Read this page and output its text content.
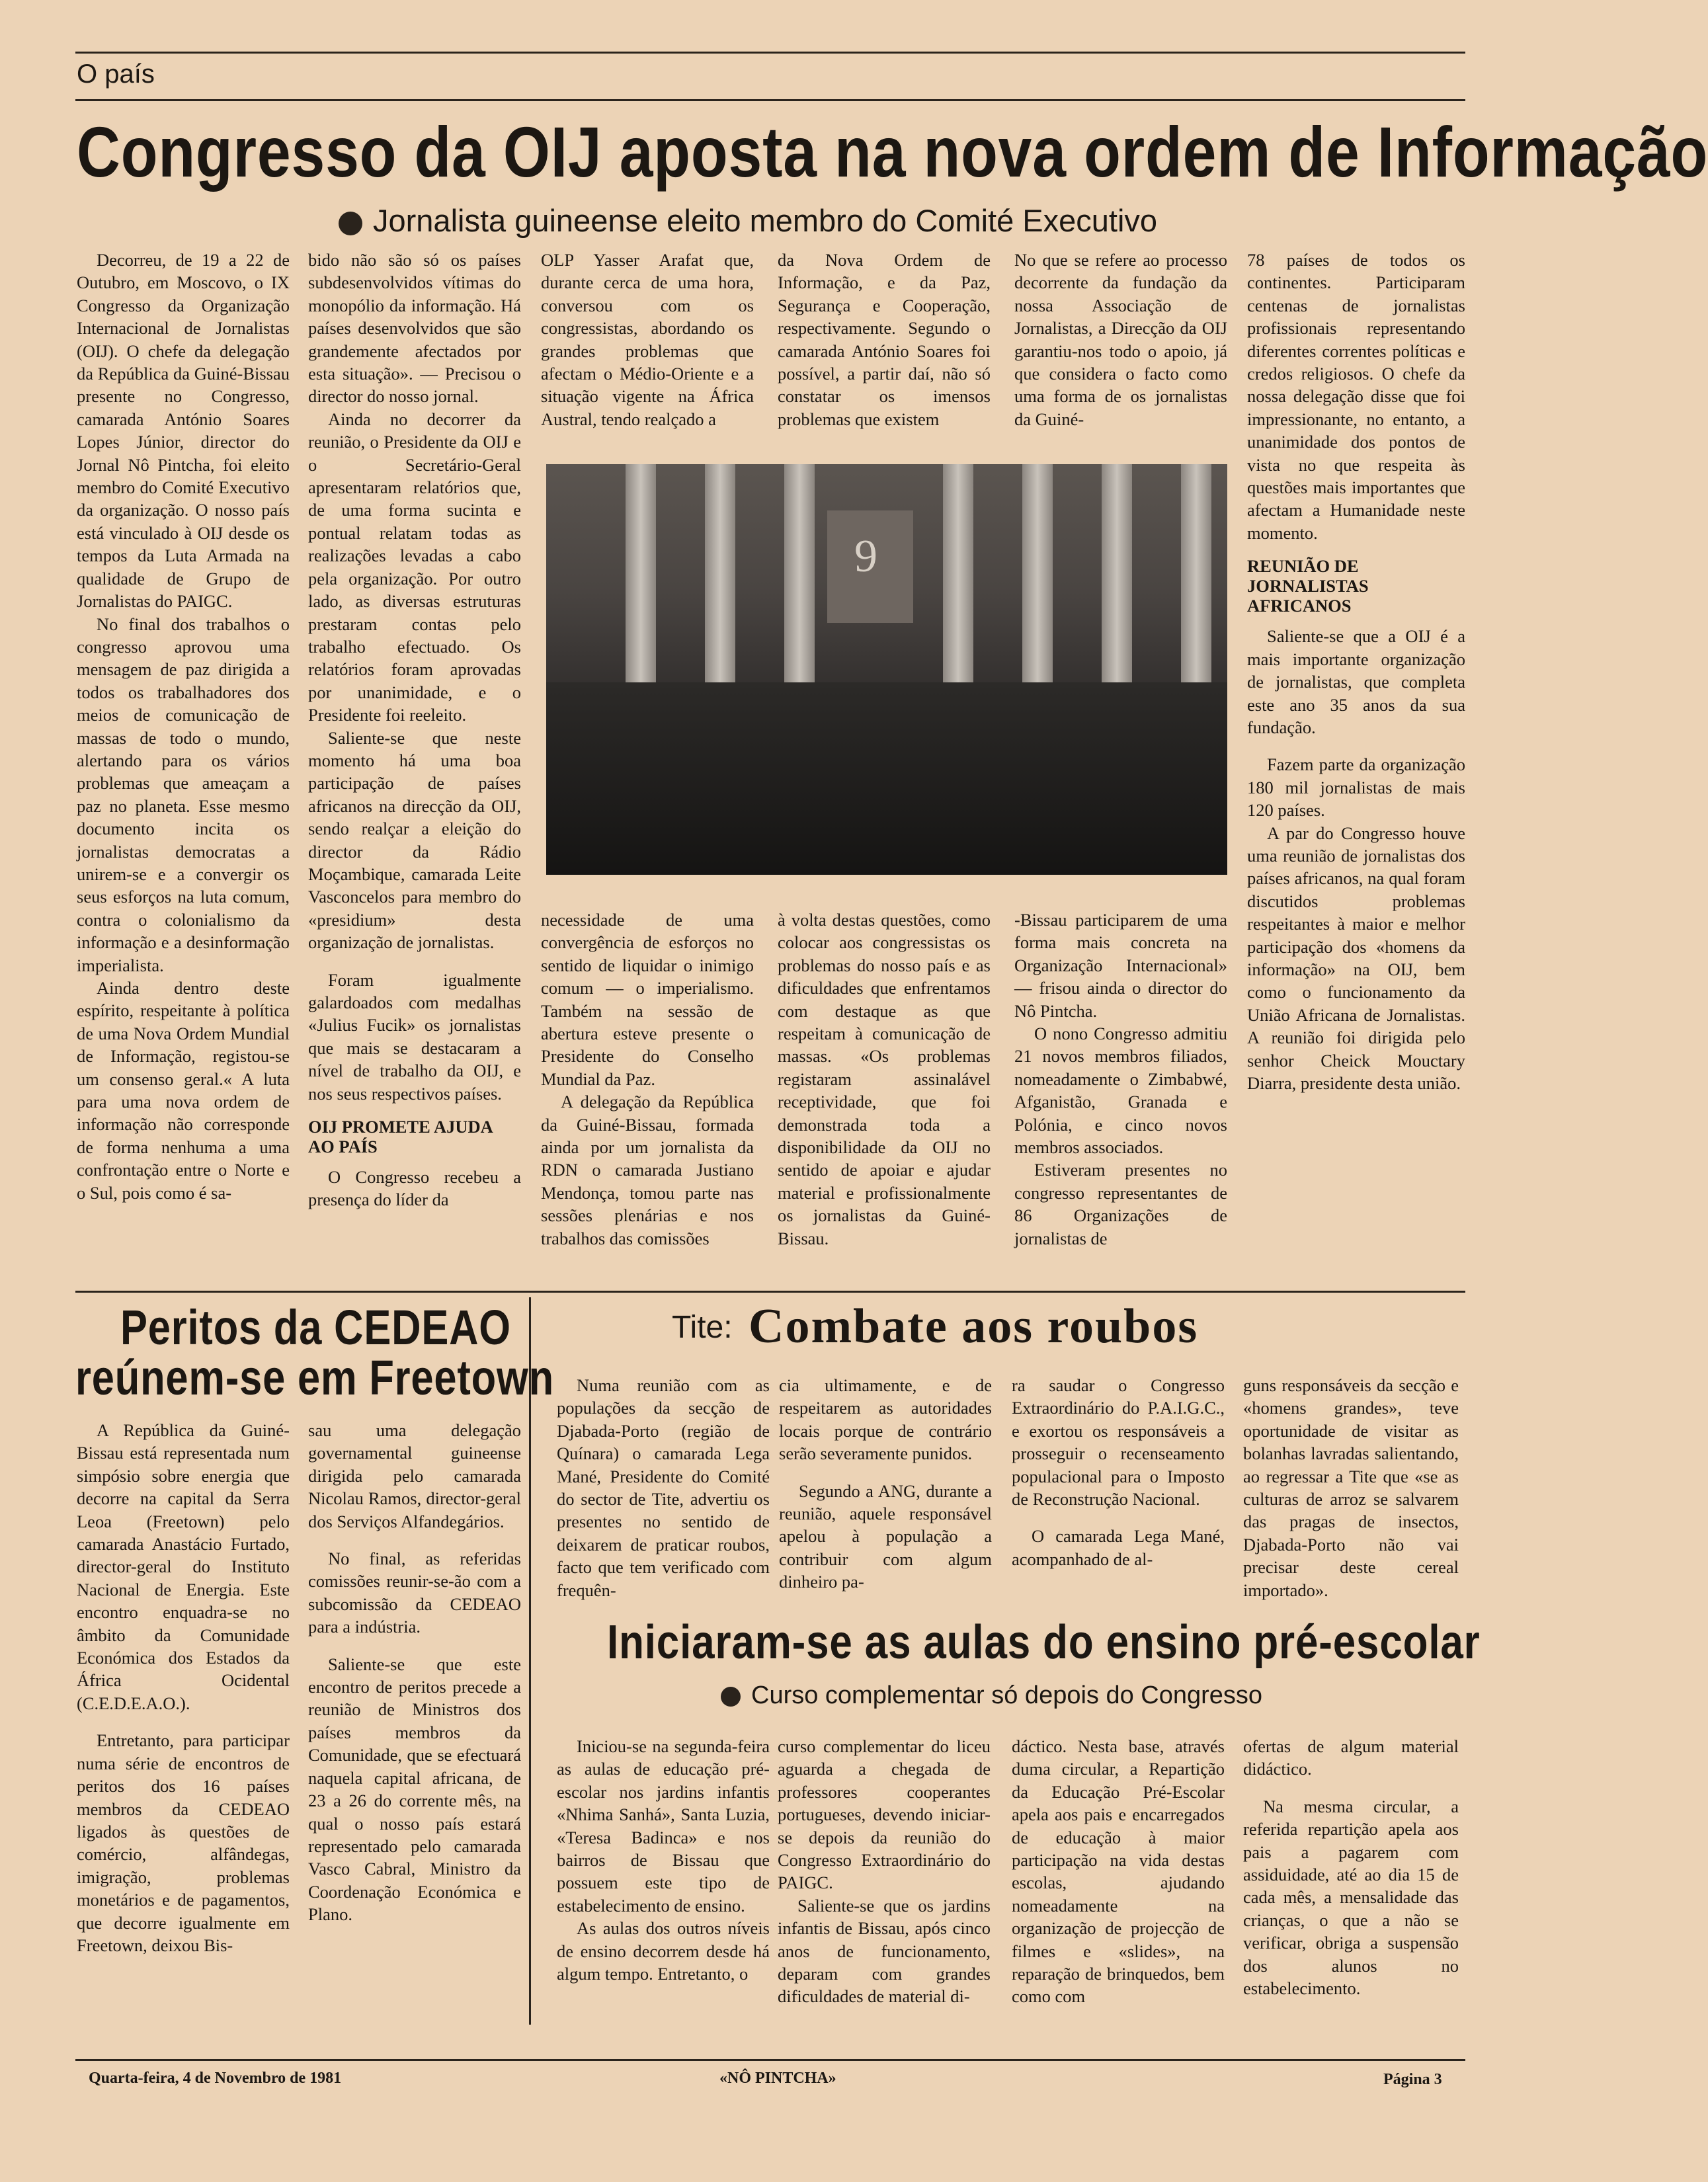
O país
Congresso da OIJ aposta na nova ordem de Informação
Jornalista guineense eleito membro do Comité Executivo

Decorreu, de 19 a 22 de Outubro, em Moscovo, o IX Congresso da Organização Internacional de Jornalistas (OIJ). O chefe da delegação da República da Guiné-Bissau presente no Congresso, camarada António Soares Lopes Júnior, director do Jornal Nô Pintcha, foi eleito membro do Comité Executivo da organização. O nosso país está vinculado à OIJ desde os tempos da Luta Armada na qualidade de Grupo de Jornalistas do PAIGC.

No final dos trabalhos o congresso aprovou uma mensagem de paz dirigida a todos os trabalhadores dos meios de comunicação de massas de todo o mundo, alertando para os vários problemas que ameaçam a paz no planeta. Esse mesmo documento incita os jornalistas democratas a unirem-se e a convergir os seus esforços na luta comum, contra o colonialismo da informação e a desinformação imperialista.

Ainda dentro deste espírito, respeitante à política de uma Nova Ordem Mundial de Informação, registou-se um consenso geral.« A luta para uma nova ordem de informação não corresponde de forma nenhuma a uma confrontação entre o Norte e o Sul, pois como é sa-

bido não são só os países subdesenvolvidos vítimas do monopólio da informação. Há países desenvolvidos que são grandemente afectados por esta situação». — Precisou o director do nosso jornal.

Ainda no decorrer da reunião, o Presidente da OIJ e o Secretário-Geral apresentaram relatórios que, de uma forma sucinta e pontual relatam todas as realizações levadas a cabo pela organização. Por outro lado, as diversas estruturas prestaram contas pelo trabalho efectuado. Os relatórios foram aprovadas por unanimidade, e o Presidente foi reeleito.

Saliente-se que neste momento há uma boa participação de países africanos na direcção da OIJ, sendo realçar a eleição do director da Rádio Moçambique, camarada Leite Vasconcelos para membro do «presidium» desta organização de jornalistas.

Foram igualmente galardoados com medalhas «Julius Fucik» os jornalistas que mais se destacaram a nível de trabalho da OIJ, e nos seus respectivos países.

OIJ PROMETE AJUDA AO PAÍS

O Congresso recebeu a presença do líder da

OLP Yasser Arafat que, durante cerca de uma hora, conversou com os congressistas, abordando os grandes problemas que afectam o Médio-Oriente e a situação vigente na África Austral, tendo realçado a

da Nova Ordem de Informação, e da Paz, Segurança e Cooperação, respectivamente. Segundo o camarada António Soares foi possível, a partir daí, não só constatar os imensos problemas que existem

No que se refere ao processo decorrente da fundação da nossa Associação de Jornalistas, a Direcção da OIJ garantiu-nos todo o apoio, já que considera o facto como uma forma de os jornalistas da Guiné-

78 países de todos os continentes. Participaram centenas de jornalistas profissionais representando diferentes correntes políticas e credos religiosos. O chefe da nossa delegação disse que foi impressionante, no entanto, a unanimidade dos pontos de vista no que respeita às questões mais importantes que afectam a Humanidade neste momento.

REUNIÃO DE JORNALISTAS AFRICANOS

Saliente-se que a OIJ é a mais importante organização de jornalistas, que completa este ano 35 anos da sua fundação.

Fazem parte da organização 180 mil jornalistas de mais 120 países.

A par do Congresso houve uma reunião de jornalistas dos países africanos, na qual foram discutidos problemas respeitantes à maior e melhor participação dos «homens da informação» na OIJ, bem como o funcionamento da União Africana de Jornalistas. A reunião foi dirigida pelo senhor Cheick Mouctary Diarra, presidente desta união.

9

necessidade de uma convergência de esforços no sentido de liquidar o inimigo comum — o imperialismo. Também na sessão de abertura esteve presente o Presidente do Conselho Mundial da Paz.

A delegação da República da Guiné-Bissau, formada ainda por um jornalista da RDN o camarada Justiano Mendonça, tomou parte nas sessões plenárias e nos trabalhos das comissões

à volta destas questões, como colocar aos congressistas os problemas do nosso país e as dificuldades que enfrentamos com destaque as que respeitam à comunicação de massas. «Os problemas registaram assinalável receptividade, que foi demonstrada toda a disponibilidade da OIJ no sentido de apoiar e ajudar material e profissionalmente os jornalistas da Guiné-Bissau.

-Bissau participarem de uma forma mais concreta na Organização Internacional» — frisou ainda o director do Nô Pintcha.

O nono Congresso admitiu 21 novos membros filiados, nomeadamente o Zimbabwé, Afganistão, Granada e Polónia, e cinco novos membros associados.

Estiveram presentes no congresso representantes de 86 Organizações de jornalistas de

Peritos da CEDEAO
reúnem-se em Freetown

A República da Guiné-Bissau está representada num simpósio sobre energia que decorre na capital da Serra Leoa (Freetown) pelo camarada Anastácio Furtado, director-geral do Instituto Nacional de Energia. Este encontro enquadra-se no âmbito da Comunidade Económica dos Estados da África Ocidental (C.E.D.E.A.O.).

Entretanto, para participar numa série de encontros de peritos dos 16 países membros da CEDEAO ligados às questões de comércio, alfândegas, imigração, problemas monetários e de pagamentos, que decorre igualmente em Freetown, deixou Bis-

sau uma delegação governamental guineense dirigida pelo camarada Nicolau Ramos, director-geral dos Serviços Alfandegários.

No final, as referidas comissões reunir-se-ão com a subcomissão da CEDEAO para a indústria.

Saliente-se que este encontro de peritos precede a reunião de Ministros dos países membros da Comunidade, que se efectuará naquela capital africana, de 23 a 26 do corrente mês, na qual o nosso país estará representado pelo camarada Vasco Cabral, Ministro da Coordenação Económica e Plano.

Tite: Combate aos roubos

Numa reunião com as populações da secção de Djabada-Porto (região de Quínara) o camarada Lega Mané, Presidente do Comité do sector de Tite, advertiu os presentes no sentido de deixarem de praticar roubos, facto que tem verificado com frequên-

cia ultimamente, e de respeitarem as autoridades locais porque de contrário serão severamente punidos.

Segundo a ANG, durante a reunião, aquele responsável apelou à população a contribuir com algum dinheiro pa-

ra saudar o Congresso Extraordinário do P.A.I.G.C., e exortou os responsáveis a prosseguir o recenseamento populacional para o Imposto de Reconstrução Nacional.

O camarada Lega Mané, acompanhado de al-

guns responsáveis da secção e «homens grandes», teve oportunidade de visitar as bolanhas lavradas salientando, ao regressar a Tite que «se as culturas de arroz se salvarem das pragas de insectos, Djabada-Porto não vai precisar deste cereal importado».

Iniciaram-se as aulas do ensino pré-escolar
Curso complementar só depois do Congresso

Iniciou-se na segunda-feira as aulas de educação pré-escolar nos jardins infantis «Nhima Sanhá», Santa Luzia, «Teresa Badinca» e nos bairros de Bissau que possuem este tipo de estabelecimento de ensino.

As aulas dos outros níveis de ensino decorrem desde há algum tempo. Entretanto, o

curso complementar do liceu aguarda a chegada de professores cooperantes portugueses, devendo iniciar-se depois da reunião do Congresso Extraordinário do PAIGC.

Saliente-se que os jardins infantis de Bissau, após cinco anos de funcionamento, deparam com grandes dificuldades de material di-

dáctico. Nesta base, através duma circular, a Repartição da Educação Pré-Escolar apela aos pais e encarregados de educação à maior participação na vida destas escolas, ajudando nomeadamente na organização de projecção de filmes e «slides», na reparação de brinquedos, bem como com

ofertas de algum material didáctico.

Na mesma circular, a referida repartição apela aos pais a pagarem com assiduidade, até ao dia 15 de cada mês, a mensalidade das crianças, o que a não se verificar, obriga a suspensão dos alunos no estabelecimento.

Quarta-feira, 4 de Novembro de 1981	«NÔ PINTCHA»	Página 3
